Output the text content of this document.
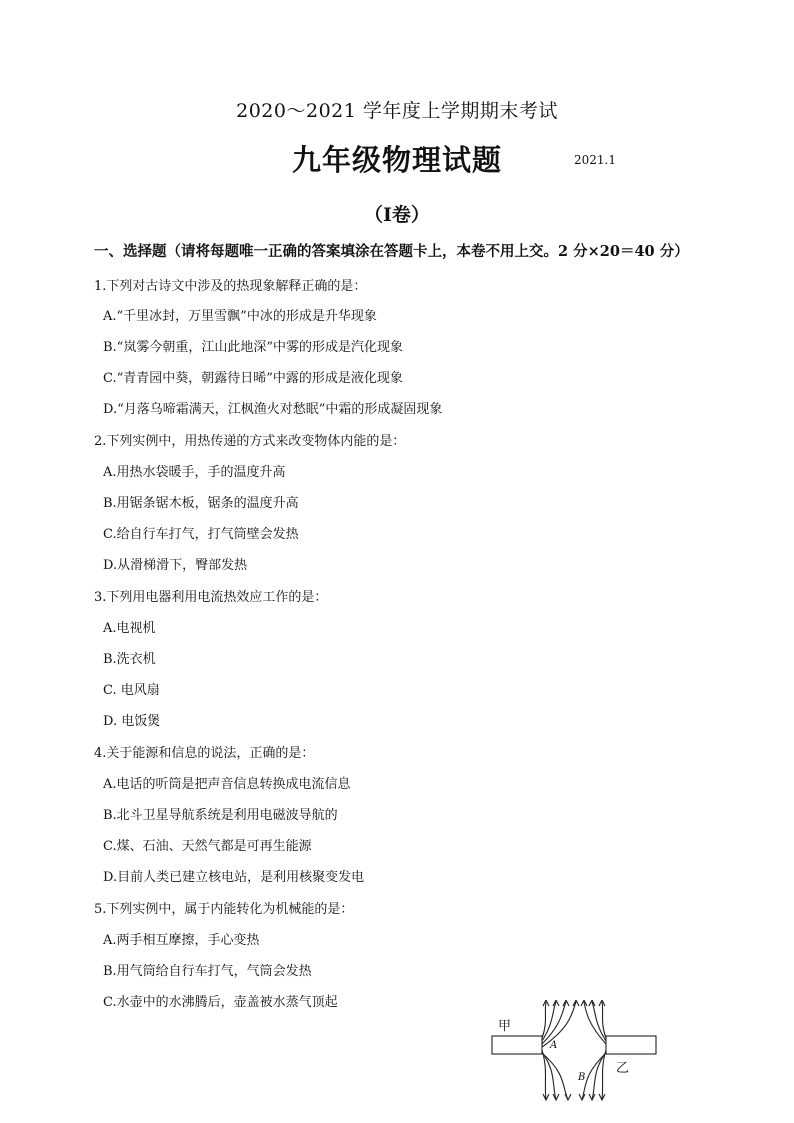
2020～2021 学年度上学期期末考试
九年级物理试题	2021.1
（Ⅰ卷）
一、选择题（请将每题唯一正确的答案填涂在答题卡上，本卷不用上交。2 分×20＝40 分）
1.下列对古诗文中涉及的热现象解释正确的是：
A.“千里冰封，万里雪飘”中冰的形成是升华现象
B.“岚雾今朝重，江山此地深”中雾的形成是汽化现象
C.“青青园中葵，朝露待日晞”中露的形成是液化现象
D.“月落乌啼霜满天，江枫渔火对愁眠”中霜的形成凝固现象
2.下列实例中，用热传递的方式来改变物体内能的是：
A.用热水袋暖手，手的温度升高
B.用锯条锯木板，锯条的温度升高
C.给自行车打气，打气筒壁会发热
D.从滑梯滑下，臀部发热
3.下列用电器利用电流热效应工作的是：
A.电视机
B.洗衣机
C. 电风扇
D. 电饭煲
4.关于能源和信息的说法，正确的是：
A.电话的听筒是把声音信息转换成电流信息
B.北斗卫星导航系统是利用电磁波导航的
C.煤、石油、天然气都是可再生能源
D.目前人类已建立核电站，是利用核聚变发电
5.下列实例中，属于内能转化为机械能的是：
A.两手相互摩擦，手心变热
B.用气筒给自行车打气，气筒会发热
C.水壶中的水沸腾后，壶盖被水蒸气顶起
甲
乙
A
B
